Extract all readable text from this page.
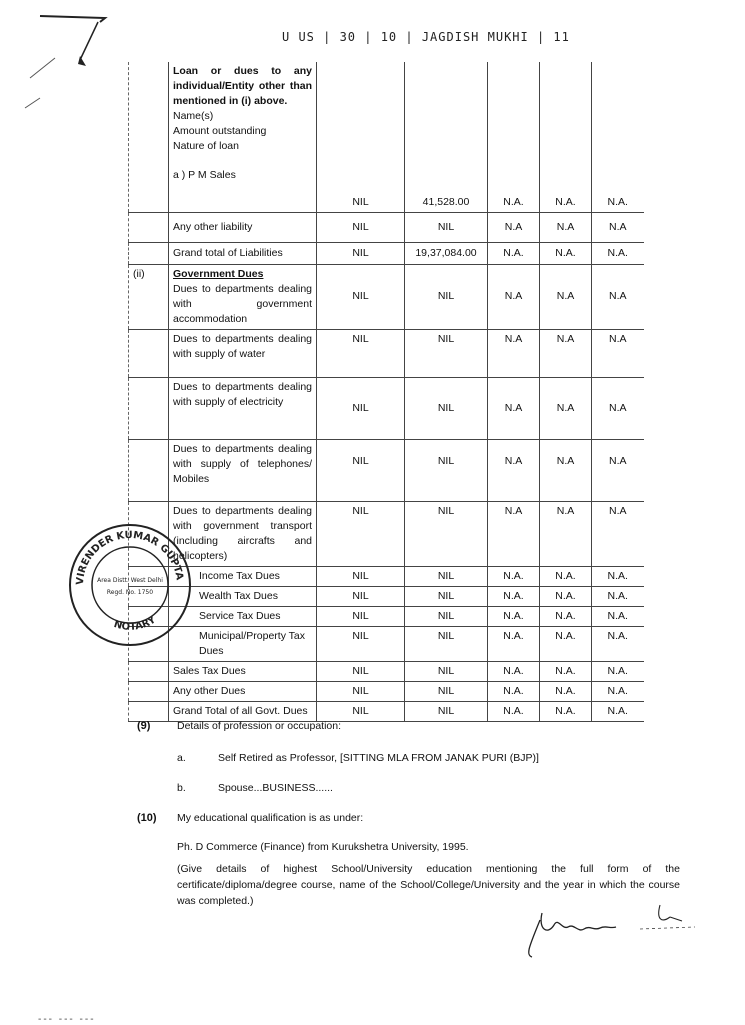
U US | 30 | 10 | JAGDISH MUKHI | 11

	Loan or dues to any individual/Entity other than mentioned in (i) above.
Name(s)
Amount outstanding
Nature of loan
a ) P M Sales	NIL	41,528.00	N.A.	N.A.	N.A.
	Any other liability	NIL	NIL	N.A	N.A	N.A
	Grand total of Liabilities	NIL	19,37,084.00	N.A.	N.A.	N.A.
(ii)	Government Dues
Dues to departments dealing with government accommodation	NIL	NIL	N.A	N.A	N.A
	Dues to departments dealing with supply of water	NIL	NIL	N.A	N.A	N.A
	Dues to departments dealing with supply of electricity	NIL	NIL	N.A	N.A	N.A
	Dues to departments dealing with supply of telephones/ Mobiles	NIL	NIL	N.A	N.A	N.A
	Dues to departments dealing with government transport (including aircrafts and helicopters)	NIL	NIL	N.A	N.A	N.A
	Income Tax Dues	NIL	NIL	N.A.	N.A.	N.A.
	Wealth Tax Dues	NIL	NIL	N.A.	N.A.	N.A.
	Service Tax Dues	NIL	NIL	N.A.	N.A.	N.A.
	Municipal/Property Tax Dues	NIL	NIL	N.A.	N.A.	N.A.
	Sales Tax Dues	NIL	NIL	N.A.	N.A.	N.A.
	Any other Dues	NIL	NIL	N.A.	N.A.	N.A.
	Grand Total of all Govt. Dues	NIL	NIL	N.A.	N.A.	N.A.
VIRENDER KUMAR GUPTA
NOTARY
Area Distt. West Delhi
Regd. No. 1750
(9)	Details of profession or occupation:
a.	Self Retired as Professor, [SITTING MLA FROM JANAK PURI (BJP)]
b.	Spouse...BUSINESS......
(10) My educational qualification is as under:
Ph. D Commerce (Finance) from Kurukshetra University, 1995.
(Give details of highest School/University education mentioning the full form of the certificate/diploma/degree course, name of the School/College/University and the year in which the course was completed.)
--- --- ---
